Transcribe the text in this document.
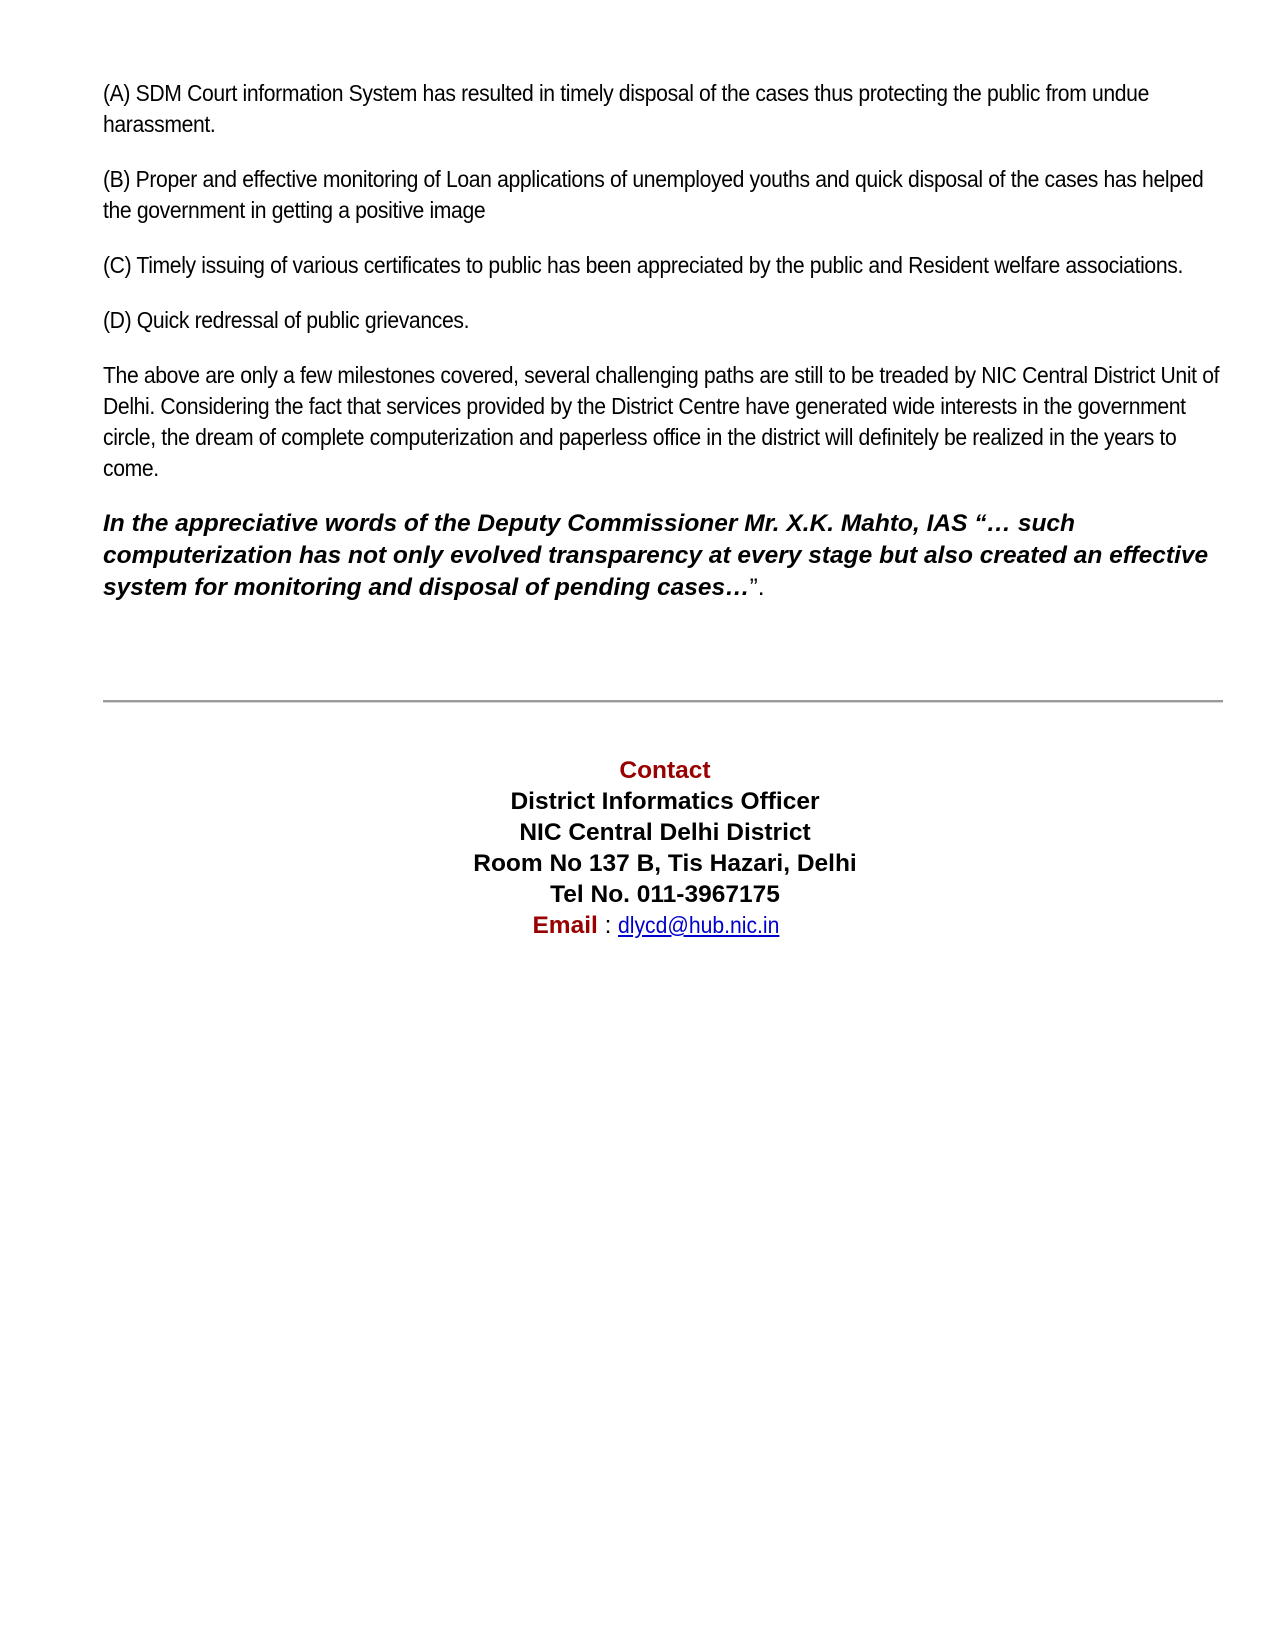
(A) SDM Court information System has resulted in timely disposal of the cases thus protecting the public from undue harassment.

(B) Proper and effective monitoring of Loan applications of unemployed youths and quick disposal of the cases has helped the government in getting a positive image

(C) Timely issuing of various certificates to public has been appreciated by the public and Resident welfare associations.

(D) Quick redressal of public grievances.

The above are only a few milestones covered, several challenging paths are still to be treaded by NIC Central District Unit of Delhi. Considering the fact that services provided by the District Centre have generated wide interests in the government circle, the dream of complete computerization and paperless office in the district will definitely be realized in the years to come.

In the appreciative words of the Deputy Commissioner Mr. X.K. Mahto, IAS “… such computerization has not only evolved transparency at every stage but also created an effective system for monitoring and disposal of pending cases…”.

Contact
District Informatics Officer
NIC Central Delhi District
Room No 137 B, Tis Hazari, Delhi
Tel No. 011-3967175
Email : dlycd@hub.nic.in
